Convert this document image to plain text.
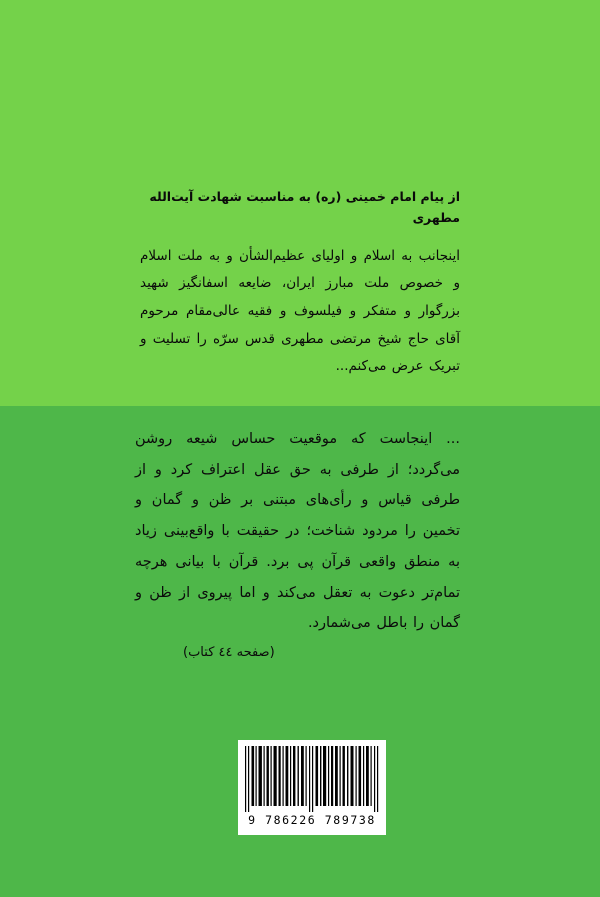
از پیام امام خمینی (ره) به مناسبت شهادت آیت‌الله مطهری
اینجانب به اسلام و اولیای عظیم‌الشأن و به ملت اسلام و خصوص ملت مبارز ایران، ضایعه اسفانگیز شهید بزرگوار و متفکر و فیلسوف و فقیه عالی‌مقام مرحوم آقای حاج شیخ مرتضی مطهری قدس سرّه را تسلیت و تبریک عرض می‌کنم...
... اینجاست که موقعیت حساس شیعه روشن می‌گردد؛ از طرفی به حق عقل اعتراف کرد و از طرفی قیاس و رأی‌های مبتنی بر ظن و گمان و تخمین را مردود شناخت؛ در حقیقت با واقع‌بینی زیاد به منطق واقعی قرآن پی برد. قرآن با بیانی هرچه تمام‌تر دعوت به تعقل می‌کند و اما پیروی از ظن و گمان را باطل می‌شمارد.
(صفحه ٤٤ کتاب)
9 786226 789738
